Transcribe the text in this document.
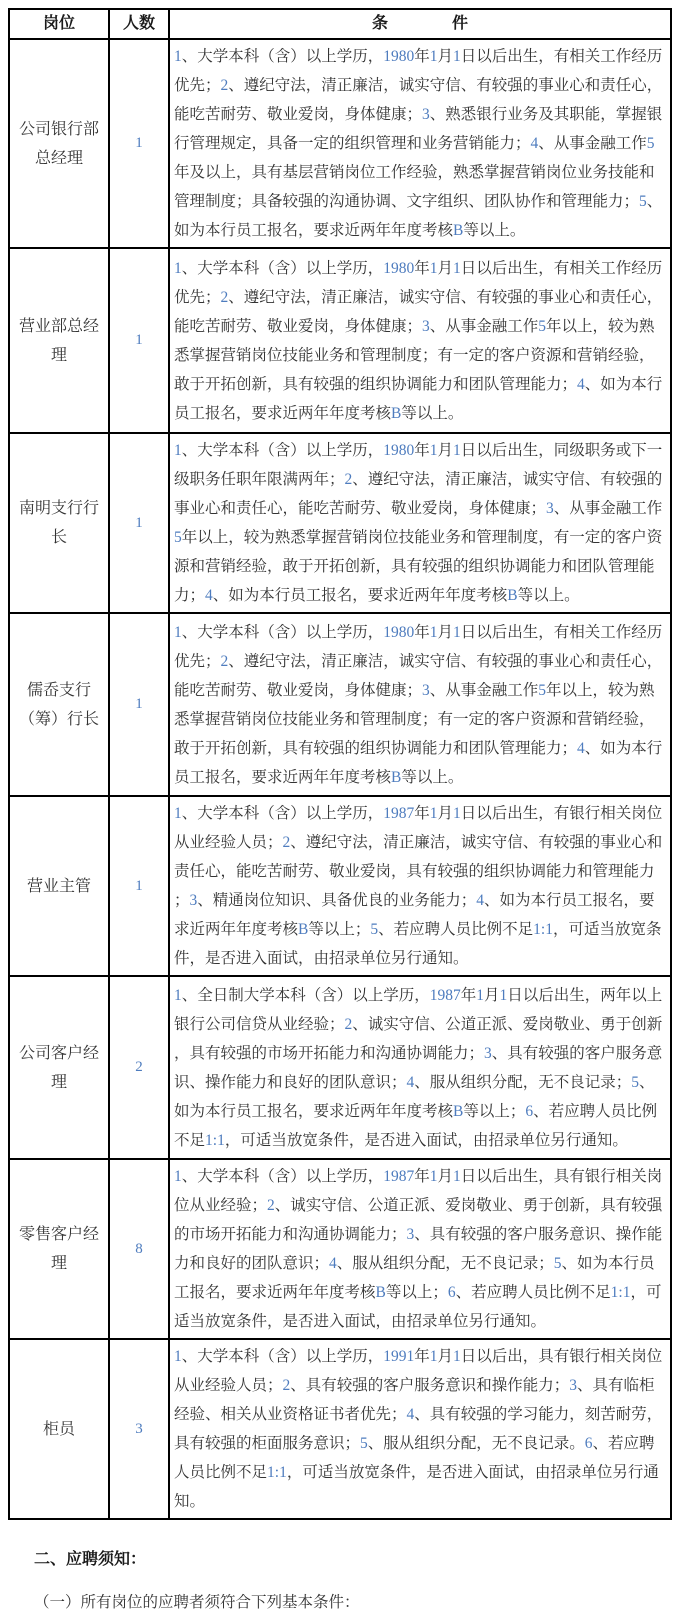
岗位	人数	条　　　　件
公司银行部总经理	1	1、大学本科（含）以上学历，1980年1月1日以后出生，有相关工作经历优先；2、遵纪守法，清正廉洁，诚实守信、有较强的事业心和责任心，能吃苦耐劳、敬业爱岗，身体健康；3、熟悉银行业务及其职能，掌握银行管理规定，具备一定的组织管理和业务营销能力；4、从事金融工作5年及以上，具有基层营销岗位工作经验，熟悉掌握营销岗位业务技能和管理制度；具备较强的沟通协调、文字组织、团队协作和管理能力；5、如为本行员工报名，要求近两年年度考核B等以上。
营业部总经理	1	1、大学本科（含）以上学历，1980年1月1日以后出生，有相关工作经历优先；2、遵纪守法，清正廉洁，诚实守信、有较强的事业心和责任心，能吃苦耐劳、敬业爱岗，身体健康；3、从事金融工作5年以上，较为熟悉掌握营销岗位技能业务和管理制度；有一定的客户资源和营销经验，敢于开拓创新，具有较强的组织协调能力和团队管理能力；4、如为本行员工报名，要求近两年年度考核B等以上。
南明支行行长	1	1、大学本科（含）以上学历，1980年1月1日以后出生，同级职务或下一级职务任职年限满两年；2、遵纪守法，清正廉洁，诚实守信、有较强的事业心和责任心，能吃苦耐劳、敬业爱岗，身体健康；3、从事金融工作5年以上，较为熟悉掌握营销岗位技能业务和管理制度，有一定的客户资源和营销经验，敢于开拓创新，具有较强的组织协调能力和团队管理能力；4、如为本行员工报名，要求近两年年度考核B等以上。
儒岙支行（筹）行长	1	1、大学本科（含）以上学历，1980年1月1日以后出生，有相关工作经历优先；2、遵纪守法，清正廉洁，诚实守信、有较强的事业心和责任心，能吃苦耐劳、敬业爱岗，身体健康；3、从事金融工作5年以上，较为熟悉掌握营销岗位技能业务和管理制度；有一定的客户资源和营销经验，敢于开拓创新，具有较强的组织协调能力和团队管理能力；4、如为本行员工报名，要求近两年年度考核B等以上。
营业主管	1	1、大学本科（含）以上学历，1987年1月1日以后出生，有银行相关岗位从业经验人员；2、遵纪守法，清正廉洁，诚实守信、有较强的事业心和责任心，能吃苦耐劳、敬业爱岗，具有较强的组织协调能力和管理能力；3、精通岗位知识、具备优良的业务能力；4、如为本行员工报名，要求近两年年度考核B等以上；5、若应聘人员比例不足1:1，可适当放宽条件，是否进入面试，由招录单位另行通知。
公司客户经理	2	1、全日制大学本科（含）以上学历，1987年1月1日以后出生，两年以上银行公司信贷从业经验；2、诚实守信、公道正派、爱岗敬业、勇于创新，具有较强的市场开拓能力和沟通协调能力；3、具有较强的客户服务意识、操作能力和良好的团队意识；4、服从组织分配，无不良记录；5、如为本行员工报名，要求近两年年度考核B等以上；6、若应聘人员比例不足1:1，可适当放宽条件，是否进入面试，由招录单位另行通知。
零售客户经理	8	1、大学本科（含）以上学历，1987年1月1日以后出生，具有银行相关岗位从业经验；2、诚实守信、公道正派、爱岗敬业、勇于创新，具有较强的市场开拓能力和沟通协调能力；3、具有较强的客户服务意识、操作能力和良好的团队意识；4、服从组织分配，无不良记录；5、如为本行员工报名，要求近两年年度考核B等以上；6、若应聘人员比例不足1:1，可适当放宽条件，是否进入面试，由招录单位另行通知。
柜员	3	1、大学本科（含）以上学历，1991年1月1日以后出，具有银行相关岗位从业经验人员；2、具有较强的客户服务意识和操作能力；3、具有临柜经验、相关从业资格证书者优先；4、具有较强的学习能力，刻苦耐劳，具有较强的柜面服务意识；5、服从组织分配，无不良记录。6、若应聘人员比例不足1:1，可适当放宽条件，是否进入面试，由招录单位另行通知。
二、应聘须知：
（一）所有岗位的应聘者须符合下列基本条件：
